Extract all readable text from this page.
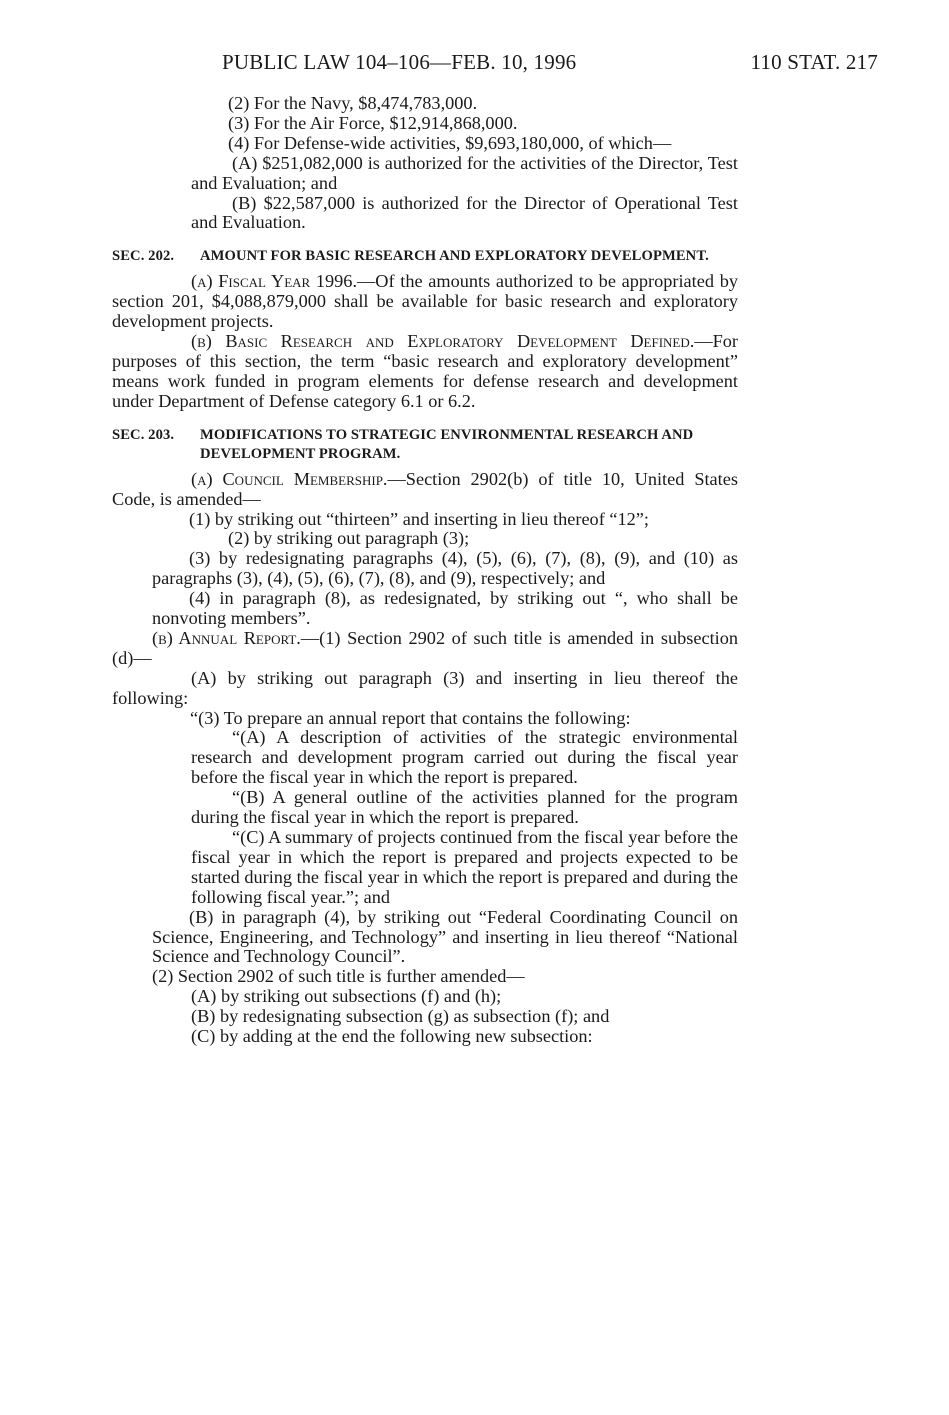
PUBLIC LAW 104–106—FEB. 10, 1996	110 STAT. 217

(2) For the Navy, $8,474,783,000.

(3) For the Air Force, $12,914,868,000.

(4) For Defense-wide activities, $9,693,180,000, of which—

(A) $251,082,000 is authorized for the activities of the Director, Test and Evaluation; and

(B) $22,587,000 is authorized for the Director of Operational Test and Evaluation.

SEC. 202. AMOUNT FOR BASIC RESEARCH AND EXPLORATORY DEVELOPMENT.

(a) Fiscal Year 1996.—Of the amounts authorized to be appropriated by section 201, $4,088,879,000 shall be available for basic research and exploratory development projects.

(b) Basic Research and Exploratory Development Defined.—For purposes of this section, the term “basic research and exploratory development” means work funded in program elements for defense research and development under Department of Defense category 6.1 or 6.2.

SEC. 203. MODIFICATIONS TO STRATEGIC ENVIRONMENTAL RESEARCH AND DEVELOPMENT PROGRAM.

(a) Council Membership.—Section 2902(b) of title 10, United States Code, is amended—

(1) by striking out “thirteen” and inserting in lieu thereof “12”;

(2) by striking out paragraph (3);

(3) by redesignating paragraphs (4), (5), (6), (7), (8), (9), and (10) as paragraphs (3), (4), (5), (6), (7), (8), and (9), respectively; and

(4) in paragraph (8), as redesignated, by striking out “, who shall be nonvoting members”.

(b) Annual Report.—(1) Section 2902 of such title is amended in subsection (d)—

(A) by striking out paragraph (3) and inserting in lieu thereof the following:

“(3) To prepare an annual report that contains the following:

“(A) A description of activities of the strategic environmental research and development program carried out during the fiscal year before the fiscal year in which the report is prepared.

“(B) A general outline of the activities planned for the program during the fiscal year in which the report is prepared.

“(C) A summary of projects continued from the fiscal year before the fiscal year in which the report is prepared and projects expected to be started during the fiscal year in which the report is prepared and during the following fiscal year.”; and

(B) in paragraph (4), by striking out “Federal Coordinating Council on Science, Engineering, and Technology” and inserting in lieu thereof “National Science and Technology Council”.

(2) Section 2902 of such title is further amended—

(A) by striking out subsections (f) and (h);

(B) by redesignating subsection (g) as subsection (f); and

(C) by adding at the end the following new subsection:
